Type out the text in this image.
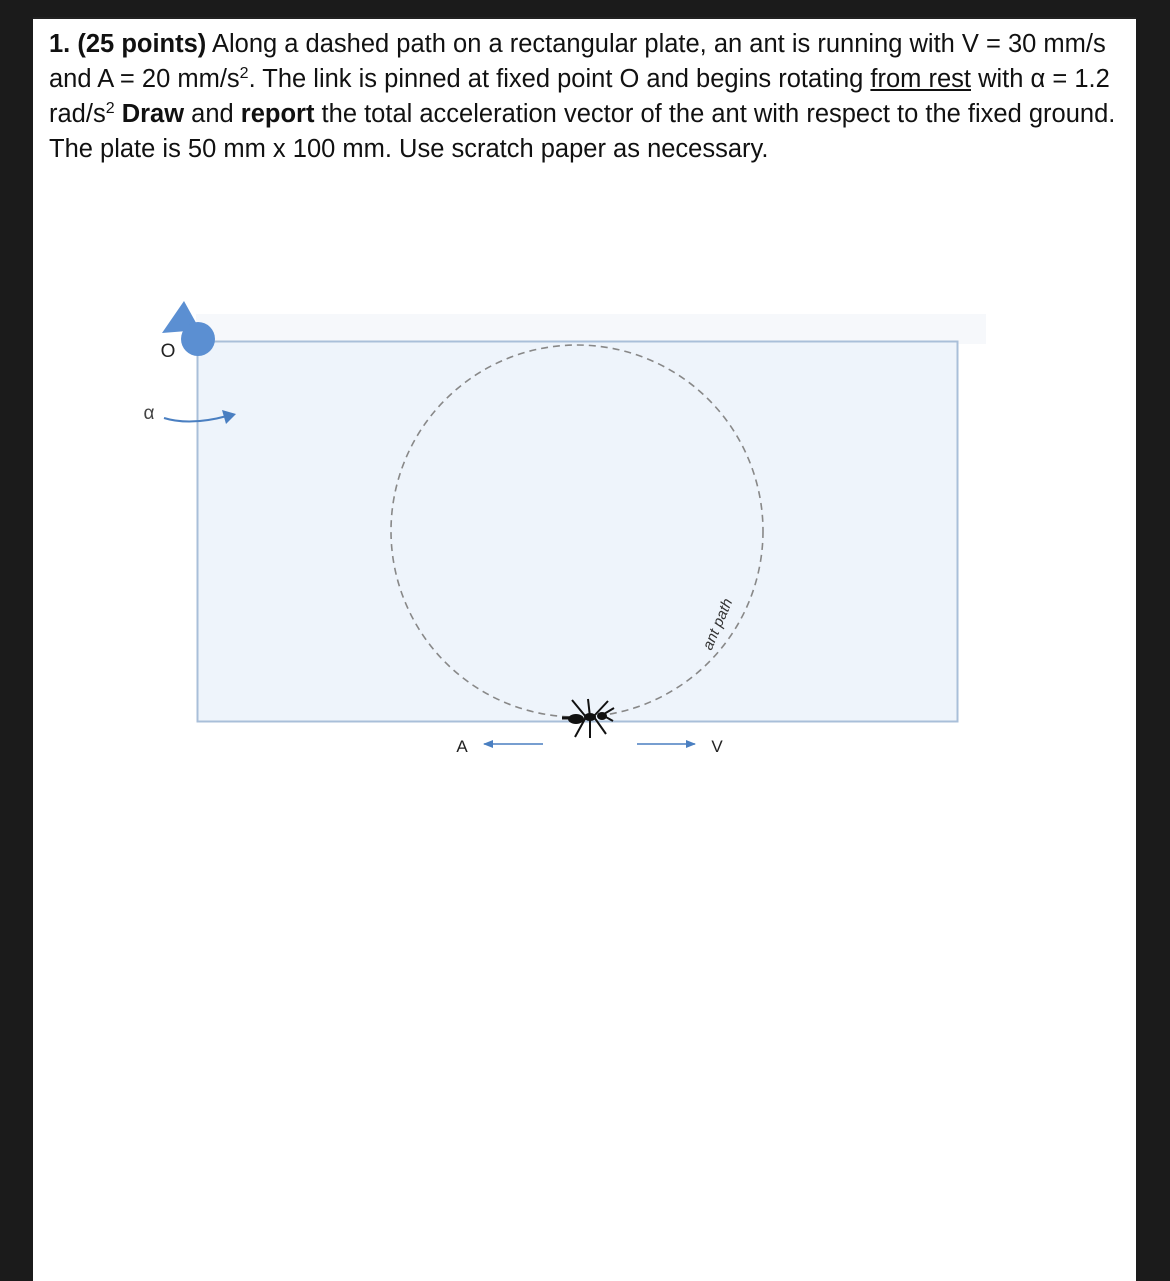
1. (25 points) Along a dashed path on a rectangular plate, an ant is running with V = 30 mm/s and A = 20 $mm/s^2$. The link is pinned at fixed point O and begins rotating from rest with α = 1.2 rad/$s^2$ Draw and report the total acceleration vector of the ant with respect to the fixed ground. The plate is 50 mm x 100 mm. Use scratch paper as necessary.
O
α
ant path
A	V
